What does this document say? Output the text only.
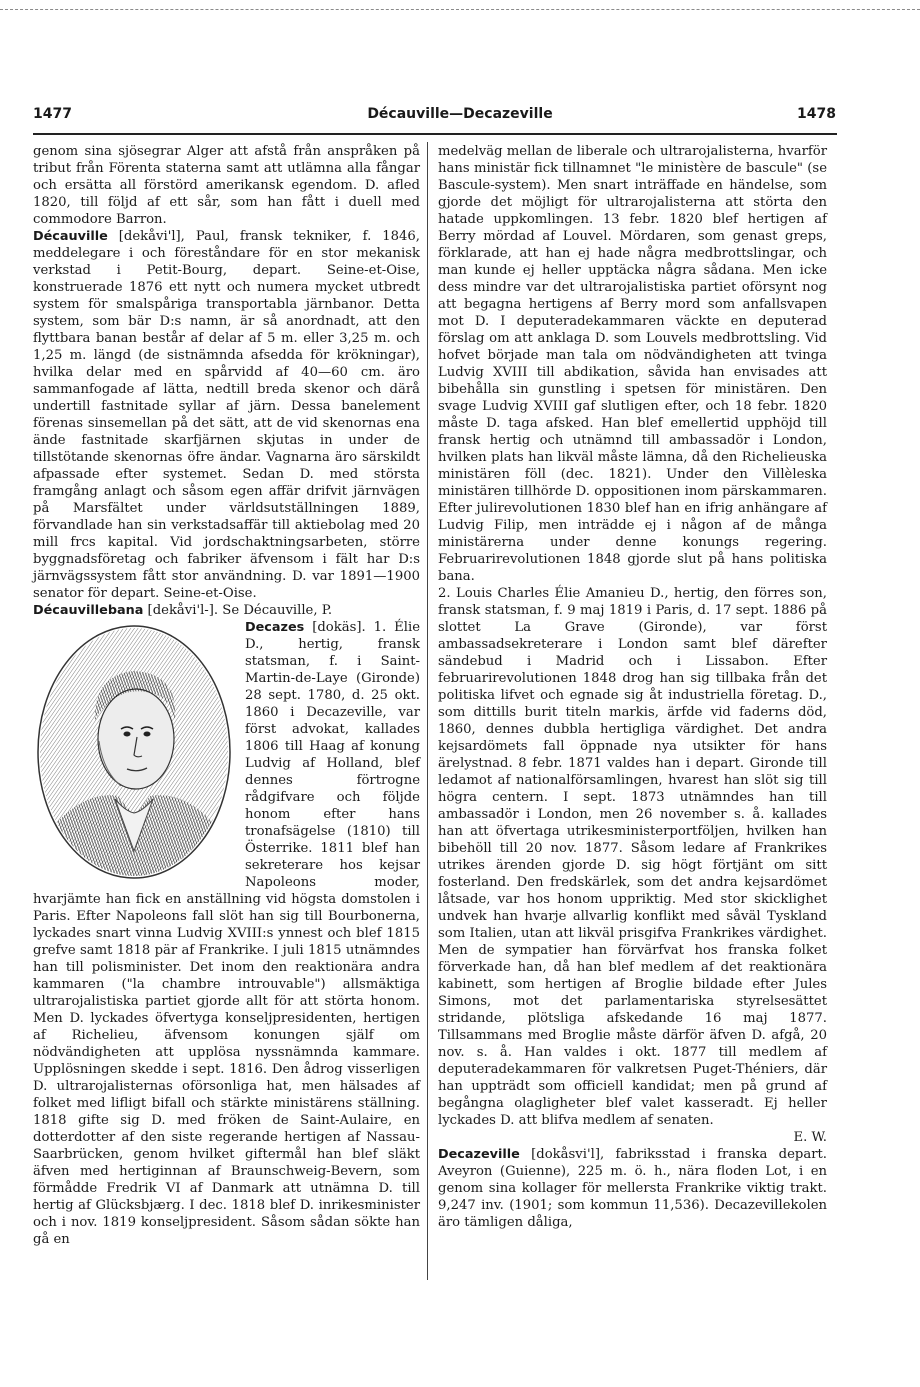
1477	Décauville—Decazeville	1478

genom sina sjösegrar Alger att afstå från anspråken på tribut från Förenta staterna samt att utlämna alla fångar och ersätta all förstörd amerikansk egendom. D. afled 1820, till följd af ett sår, som han fått i duell med commodore Barron.

Décauville [dekåvi'l], Paul, fransk tekniker, f. 1846, meddelegare i och föreståndare för en stor mekanisk verkstad i Petit-Bourg, depart. Seine-et-Oise, konstruerade 1876 ett nytt och numera mycket utbredt system för smalspåriga transportabla järnbanor. Detta system, som bär D:s namn, är så anordnadt, att den flyttbara banan består af delar af 5 m. eller 3,25 m. och 1,25 m. längd (de sistnämnda afsedda för krökningar), hvilka delar med en spårvidd af 40—60 cm. äro sammanfogade af lätta, nedtill breda skenor och därå undertill fastnitade syllar af järn. Dessa banelement förenas sinsemellan på det sätt, att de vid skenornas ena ände fastnitade skarfjärnen skjutas in under de tillstötande skenornas öfre ändar. Vagnarna äro särskildt afpassade efter systemet. Sedan D. med största framgång anlagt och såsom egen affär drifvit järnvägen på Marsfältet under världsutställningen 1889, förvandlade han sin verkstadsaffär till aktiebolag med 20 mill frcs kapital. Vid jordschaktningsarbeten, större byggnadsföretag och fabriker äfvensom i fält har D:s järnvägssystem fått stor användning. D. var 1891—1900 senator för depart. Seine-et-Oise.

Décauvillebana [dekåvi'l-]. Se Décauville, P.

Decazes [dokäs]. 1. Élie D., hertig, fransk statsman, f. i Saint-Martin-de-Laye (Gironde) 28 sept. 1780, d. 25 okt. 1860 i Decazeville, var först advokat, kallades 1806 till Haag af konung Ludvig af Holland, blef dennes förtrogne rådgifvare och följde honom efter hans tronafsägelse (1810) till Österrike. 1811 blef han sekreterare hos kejsar Napoleons moder, hvarjämte han fick en anställning vid högsta domstolen i Paris. Efter Napoleons fall slöt han sig till Bourbonerna, lyckades snart vinna Ludvig XVIII:s ynnest och blef 1815 grefve samt 1818 pär af Frankrike. I juli 1815 utnämndes han till polisminister. Det inom den reaktionära andra kammaren ("la chambre introuvable") allsmäktiga ultrarojalistiska partiet gjorde allt för att störta honom. Men D. lyckades öfvertyga konseljpresidenten, hertigen af Richelieu, äfvensom konungen själf om nödvändigheten att upplösa nyssnämnda kammare. Upplösningen skedde i sept. 1816. Den ådrog visserligen D. ultrarojalisternas oförsonliga hat, men hälsades af folket med lifligt bifall och stärkte ministärens ställning. 1818 gifte sig D. med fröken de Saint-Aulaire, en dotterdotter af den siste regerande hertigen af Nassau-Saarbrücken, genom hvilket giftermål han blef släkt äfven med hertiginnan af Braunschweig-Bevern, som förmådde Fredrik VI af Danmark att utnämna D. till hertig af Glücksbjærg. I dec. 1818 blef D. inrikesminister och i nov. 1819 konseljpresident. Såsom sådan sökte han gå en

medelväg mellan de liberale och ultrarojalisterna, hvarför hans ministär fick tillnamnet "le ministère de bascule" (se Bascule-system). Men snart inträffade en händelse, som gjorde det möjligt för ultrarojalisterna att störta den hatade uppkomlingen. 13 febr. 1820 blef hertigen af Berry mördad af Louvel. Mördaren, som genast greps, förklarade, att han ej hade några medbrottslingar, och man kunde ej heller upptäcka några sådana. Men icke dess mindre var det ultrarojalistiska partiet oförsynt nog att begagna hertigens af Berry mord som anfallsvapen mot D. I deputeradekammaren väckte en deputerad förslag om att anklaga D. som Louvels medbrottsling. Vid hofvet började man tala om nödvändigheten att tvinga Ludvig XVIII till abdikation, såvida han envisades att bibehålla sin gunstling i spetsen för ministären. Den svage Ludvig XVIII gaf slutligen efter, och 18 febr. 1820 måste D. taga afsked. Han blef emellertid upphöjd till fransk hertig och utnämnd till ambassadör i London, hvilken plats han likväl måste lämna, då den Richelieuska ministären föll (dec. 1821). Under den Villèleska ministären tillhörde D. oppositionen inom pärskammaren. Efter julirevolutionen 1830 blef han en ifrig anhängare af Ludvig Filip, men inträdde ej i någon af de många ministärerna under denne konungs regering. Februarirevolutionen 1848 gjorde slut på hans politiska bana.

2. Louis Charles Élie Amanieu D., hertig, den förres son, fransk statsman, f. 9 maj 1819 i Paris, d. 17 sept. 1886 på slottet La Grave (Gironde), var först ambassadsekreterare i London samt blef därefter sändebud i Madrid och i Lissabon. Efter februarirevolutionen 1848 drog han sig tillbaka från det politiska lifvet och egnade sig åt industriella företag. D., som dittills burit titeln markis, ärfde vid faderns död, 1860, dennes dubbla hertigliga värdighet. Det andra kejsardömets fall öppnade nya utsikter för hans ärelystnad. 8 febr. 1871 valdes han i depart. Gironde till ledamot af nationalförsamlingen, hvarest han slöt sig till högra centern. I sept. 1873 utnämndes han till ambassadör i London, men 26 november s. å. kallades han att öfvertaga utrikesministerportföljen, hvilken han bibehöll till 20 nov. 1877. Såsom ledare af Frankrikes utrikes ärenden gjorde D. sig högt förtjänt om sitt fosterland. Den fredskärlek, som det andra kejsardömet låtsade, var hos honom uppriktig. Med stor skicklighet undvek han hvarje allvarlig konflikt med såväl Tyskland som Italien, utan att likväl prisgifva Frankrikes värdighet. Men de sympatier han förvärfvat hos franska folket förverkade han, då han blef medlem af det reaktionära kabinett, som hertigen af Broglie bildade efter Jules Simons, mot det parlamentariska styrelsesättet stridande, plötsliga afskedande 16 maj 1877. Tillsammans med Broglie måste därför äfven D. afgå, 20 nov. s. å. Han valdes i okt. 1877 till medlem af deputeradekammaren för valkretsen Puget-Théniers, där han uppträdt som officiell kandidat; men på grund af begångna olagligheter blef valet kasseradt. Ej heller lyckades D. att blifva medlem af senaten.

E. W.

Decazeville [dokåsvi'l], fabriksstad i franska depart. Aveyron (Guienne), 225 m. ö. h., nära floden Lot, i en genom sina kollager för mellersta Frankrike viktig trakt. 9,247 inv. (1901; som kommun 11,536). Decazevillekolen äro tämligen dåliga,
